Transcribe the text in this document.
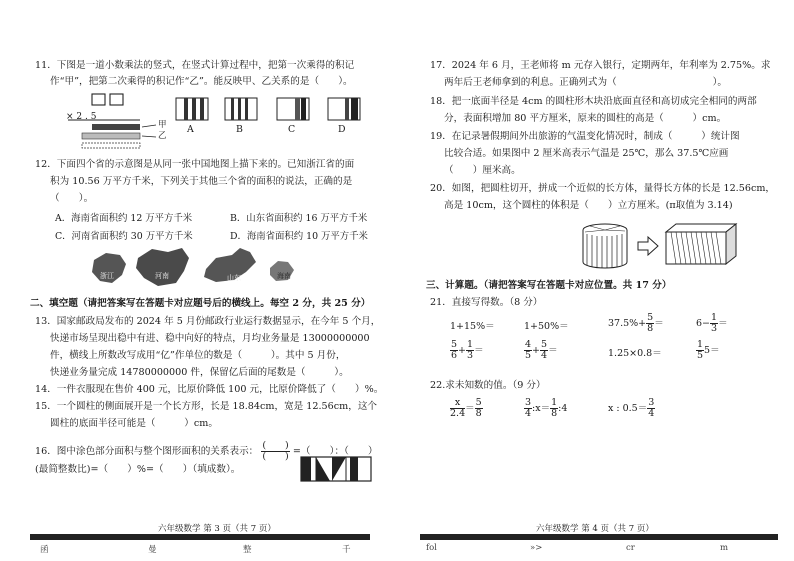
11．下图是一道小数乘法的竖式，在竖式计算过程中，把第一次乘得的积记
作“甲”，把第二次乘得的积记作“乙”。能反映甲、乙关系的是（　　）。
× 2 . 5
甲
乙
A	B	C	D
12．下面四个省的示意图是从同一张中国地图上描下来的。已知浙江省的面
积为 10.56 万平方千米，下列关于其他三个省的面积的说法，正确的是
（　　）。
A．海南省面积约 12 万平方千米	B．山东省面积约 16 万平方千米
C．河南省面积约 30 万平方千米	D．海南省面积约 10 万平方千米
浙江	河南	山东	海南
二、填空题（请把答案写在答题卡对应题号后的横线上。每空 2 分，共 25 分）
13．国家邮政局发布的 2024 年 5 月份邮政行业运行数据显示，在今年 5 个月，
快递市场呈现出稳中有进、稳中向好的特点，月均业务量是 13000000000
件，横线上所数改写成用“亿”作单位的数是（　　　）。其中 5 月份，
快递业务量完成 14780000000 件，保留亿后面的尾数是（　　　）。
14．一件衣服现在售价 400 元，比原价降低 100 元，比原价降低了（　　）%。
15．一个圆柱的侧面展开是一个长方形，长是 18.84cm，宽是 12.56cm，这个
圆柱的底面半径可能是（　　　）cm。
16．图中涂色部分面积与整个图形面积的关系表示： $\frac{( )}{( )}$ =（　　）：（　　）
(最简整数比)=（　　）%=（　　）（填成数）。
六年级数学 第 3 页（共 7 页）
函	曼	整	千
17．2024 年 6 月，王老师将 m 元存入银行，定期两年，年利率为 2.75%。求
两年后王老师拿到的利息。正确列式为（　　　　　　　　　　）。
18．把一底面半径是 4cm 的圆柱形木块沿底面直径和高切成完全相同的两部
分，表面积增加 80 平方厘米，原来的圆柱的高是（　　　）cm。
19．在记录暑假期间外出旅游的气温变化情况时，制成（　　　）统计图
比较合适。如果图中 2 厘米高表示气温是 25℃，那么 37.5℃应画
（　　）厘米高。
20．如图，把圆柱切开，拼成一个近似的长方体，量得长方体的长是 12.56cm，
高是 10cm，这个圆柱的体积是（　　）立方厘米。(π取值为 3.14)
三、计算题。（请把答案写在答题卡对应位置。共 17 分）
21．直接写得数。（8 分）
1+15%＝	1+50%＝	$37.5\%+ \frac{5}{8}$ ＝	$6- \frac{1}{3}$ ＝
$\frac{5}{6} + \frac{1}{3}$ ＝	$\frac{4}{5} + \frac{5}{4}$ ＝	1.25×0.8＝	$\frac{1}{5} 5=$
22.求未知数的值。（9 分）
$\frac{x}{2.4} = \frac{5}{8}$	$\frac{3}{4}$ :x＝ $\frac{1}{8}$ :4	x : $0.5= \frac{3}{4}$
六年级数学 第 4 页（共 7 页）
fol	»>	cr	m
